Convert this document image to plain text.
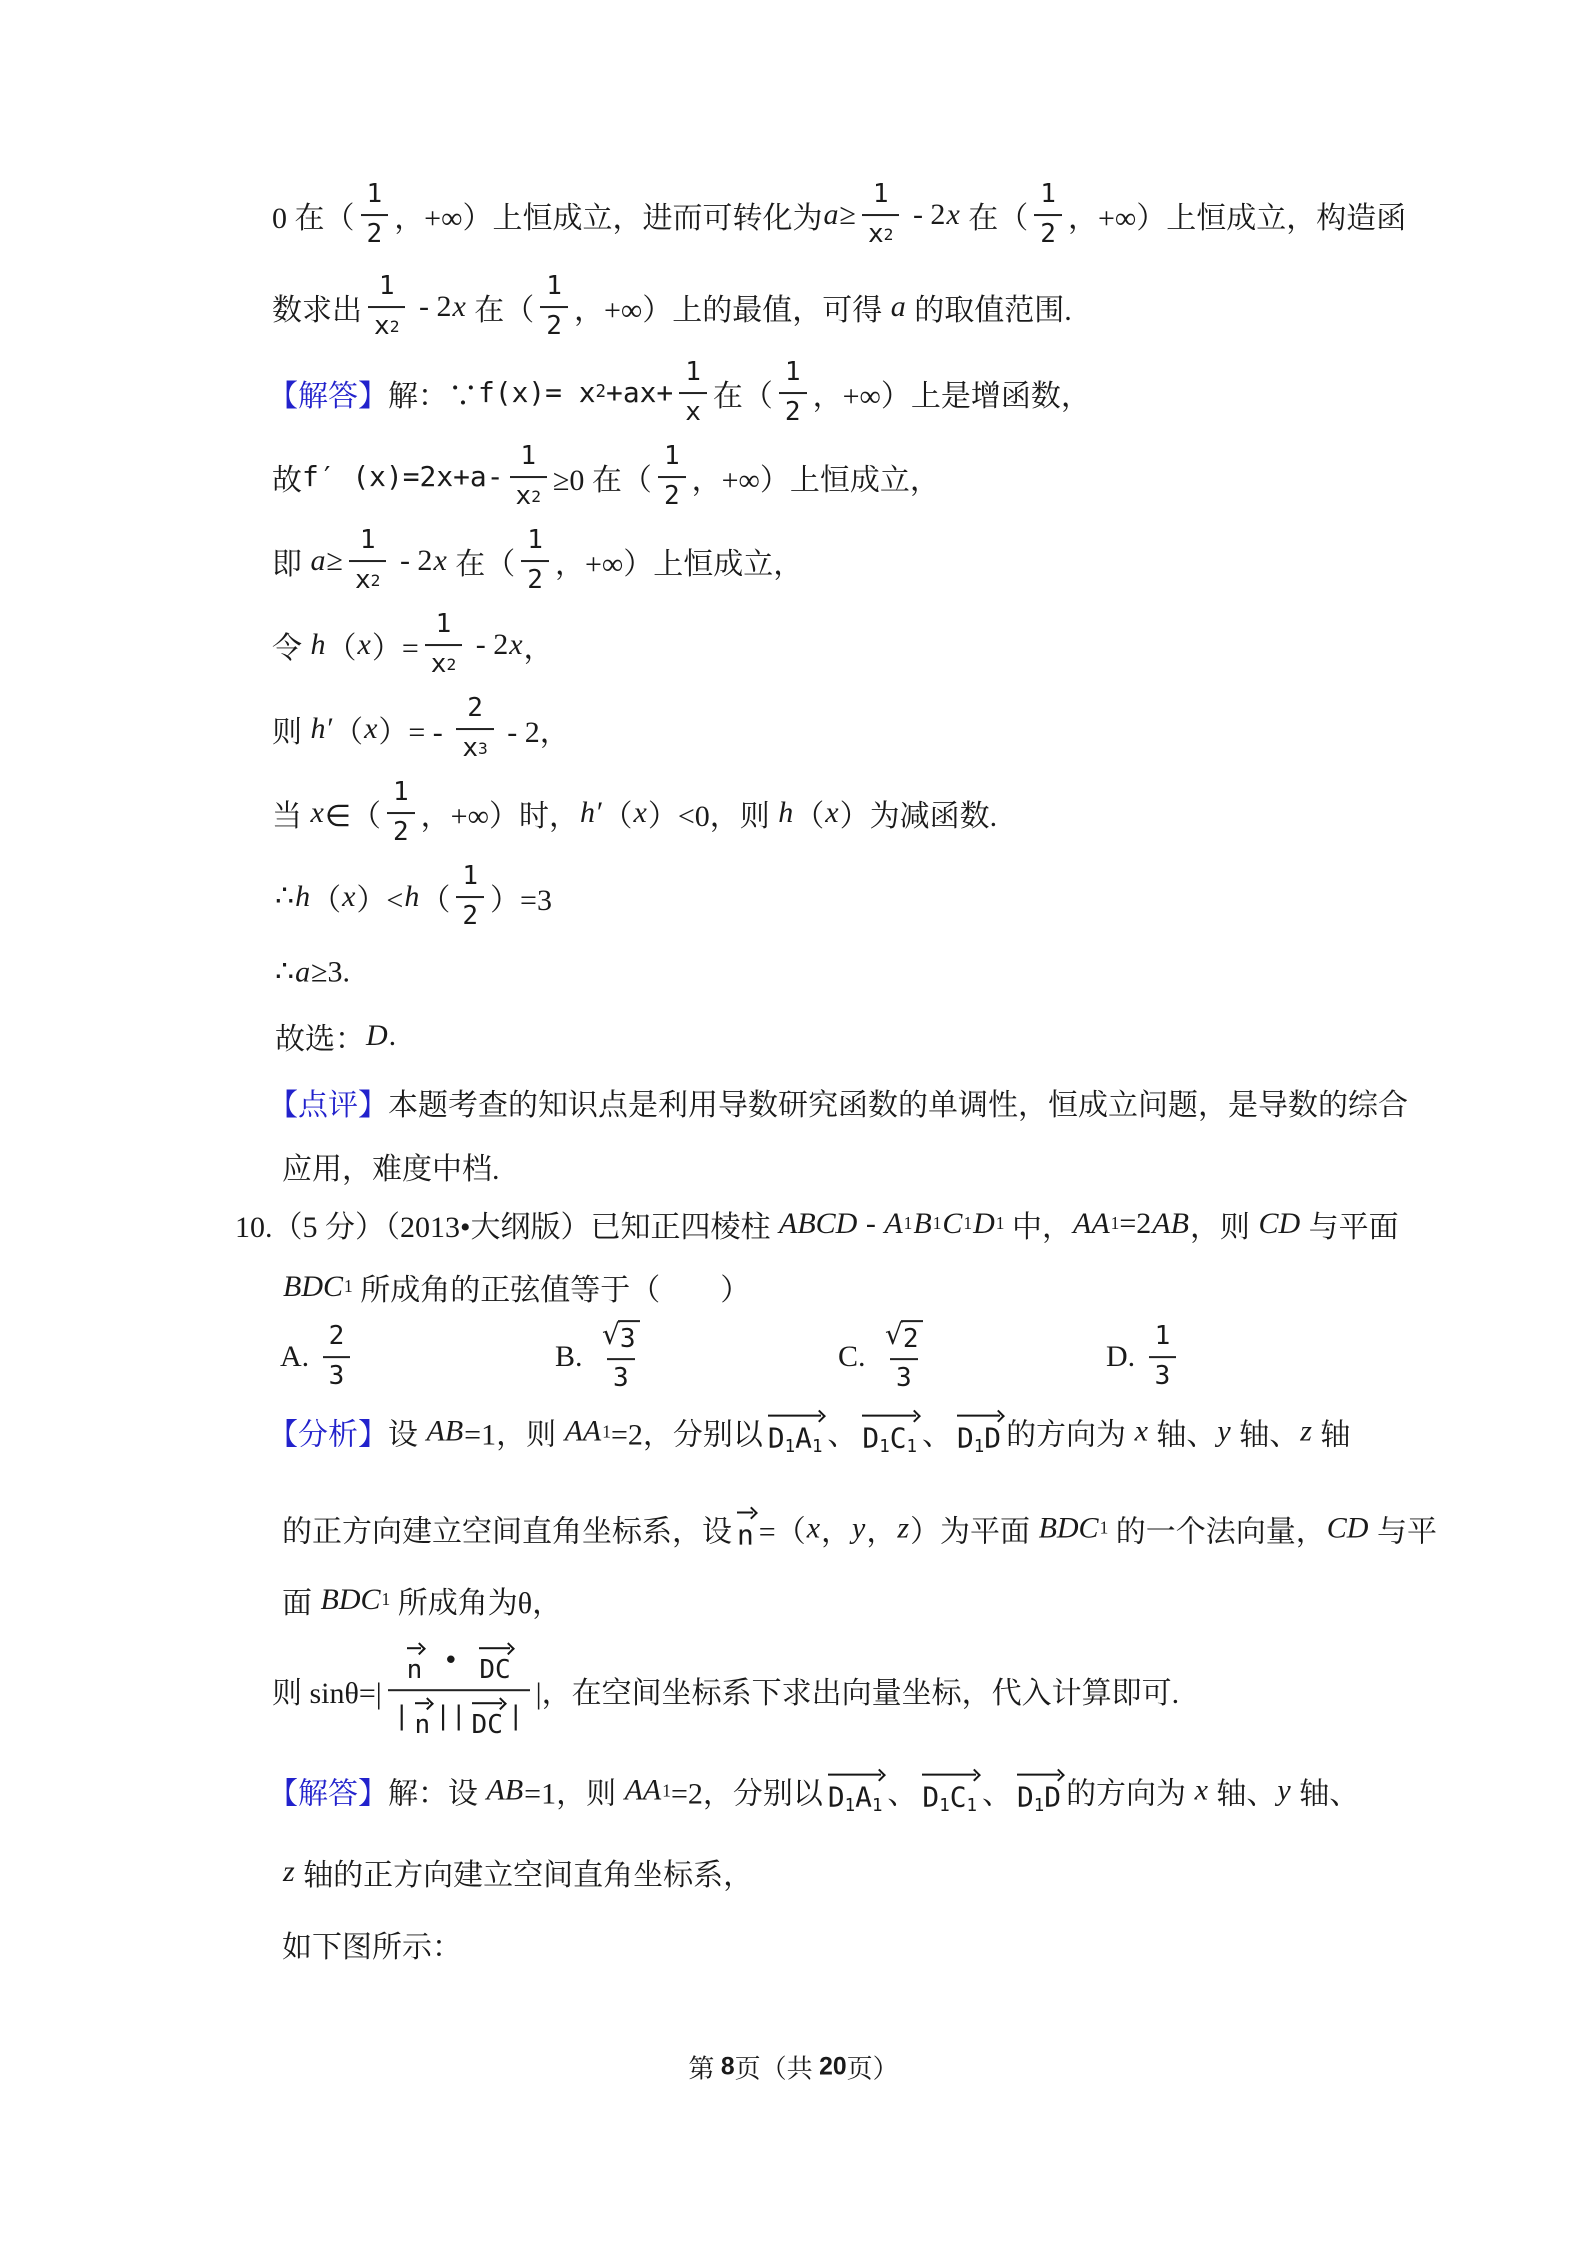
0 在（ $\frac{1}{2}$ ，+∞）上恒成立，进而可转化为 $a \ge \frac{1}{x 2} - 2$ x 在（ $\frac{1}{2}$ ，+∞）上恒成立，构造函
数求出 $\frac{1}{x 2} - 2$ x 在（ $\frac{1}{2}$ ，+∞）上的最值，可得 a 的取值范围.
【解答】 解：∵ f(x)= x $2 +ax+ \frac{1}{x}$ 在（ $\frac{1}{2}$ ，+∞）上是增函数，
故 f′ $(x)=2x+a- \frac{1}{x 2} \ge 0$ 在（ $\frac{1}{2}$ ，+∞）上恒成立，
即 $a \ge \frac{1}{x 2} - 2$ x 在（ $\frac{1}{2}$ ，+∞）上恒成立，
令 h （ x ）= $\frac{1}{x 2} - 2$ x ，
则 h′ （ x ）= - $\frac{2}{x 3} - 2$，
当 x ∈（ $\frac{1}{2}$ ，+∞）时， h′ （ x ）<0，则 h （ x ）为减函数.
∴ h （ x ）< h （ $\frac{1}{2} )=3$
∴ a ≥3.
故选： D .
【点评】 本题考查的知识点是利用导数研究函数的单调性，恒成立问题，是导数的综合
应用，难度中档.
10.（5 分）（2013•大纲版）已知正四棱柱 ABCD - A 1 B 1 C 1 D 1 中， AA 1 =2 AB ，则 CD 与平面
BDC 1 所成角的正弦值等于（　　）
A. $\frac{2}{3}$	B. $\frac{√ 3}{3}$	C. $\frac{√ 2}{3}$	D. $\frac{1}{3}$
【分析】 设 AB =1，则 AA 1 =2，分别以 D1A1 、 D1C1 、 D1D 的方向为 x 轴、 y 轴、 z 轴
的正方向建立空间直角坐标系，设 n =（ x ， y ， z ）为平面 BDC 1 的一个法向量， CD 与平
面 BDC 1 所成角为θ，
则 $\sin\theta=| \frac{n • DC}{| n || DC |}$ |，在空间坐标系下求出向量坐标，代入计算即可.
【解答】 解：设 AB =1，则 AA 1 =2，分别以 D1A1 、 D1C1 、 D1D 的方向为 x 轴、 y 轴、
z 轴的正方向建立空间直角坐标系，
如下图所示：
第 8 页（共 20 页）
